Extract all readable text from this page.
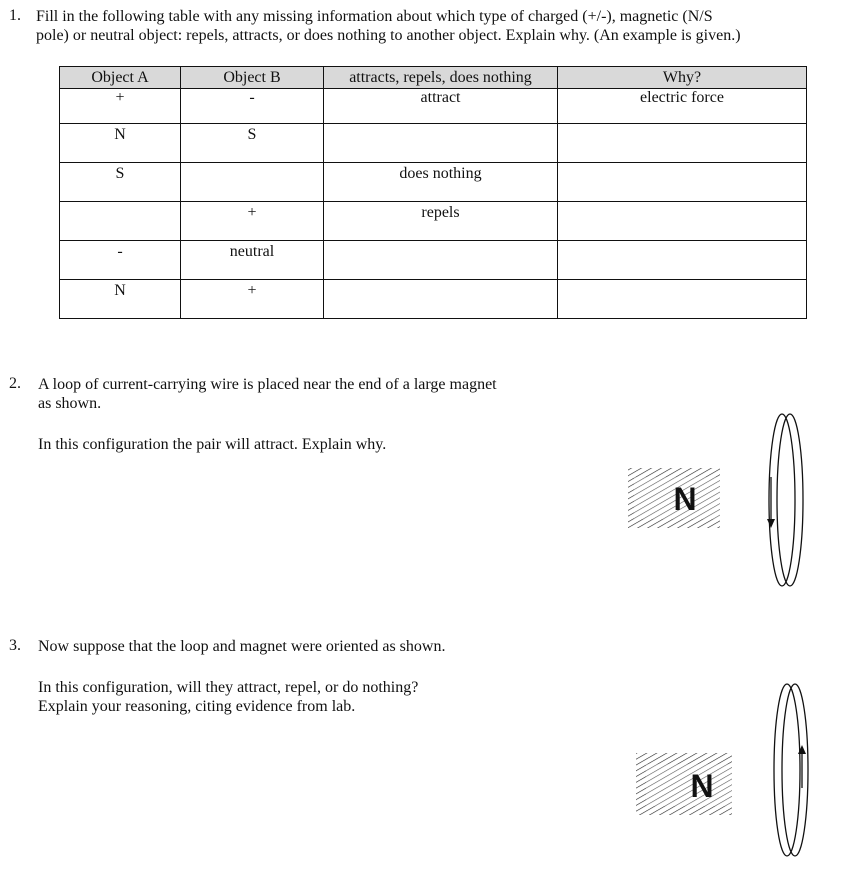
1. Fill in the following table with any missing information about which type of charged (+/-), magnetic (N/S
pole) or neutral object: repels, attracts, or does nothing to another object. Explain why. (An example is given.)
Object A	Object B	attracts, repels, does nothing	Why?
+	-	attract	electric force
N	S		
S		does nothing	
	+	repels	
-	neutral		
N	+		
2. A loop of current-carrying wire is placed near the end of a large magnet
as shown.
In this configuration the pair will attract. Explain why.
N
3. Now suppose that the loop and magnet were oriented as shown.
In this configuration, will they attract, repel, or do nothing?
Explain your reasoning, citing evidence from lab.
N
